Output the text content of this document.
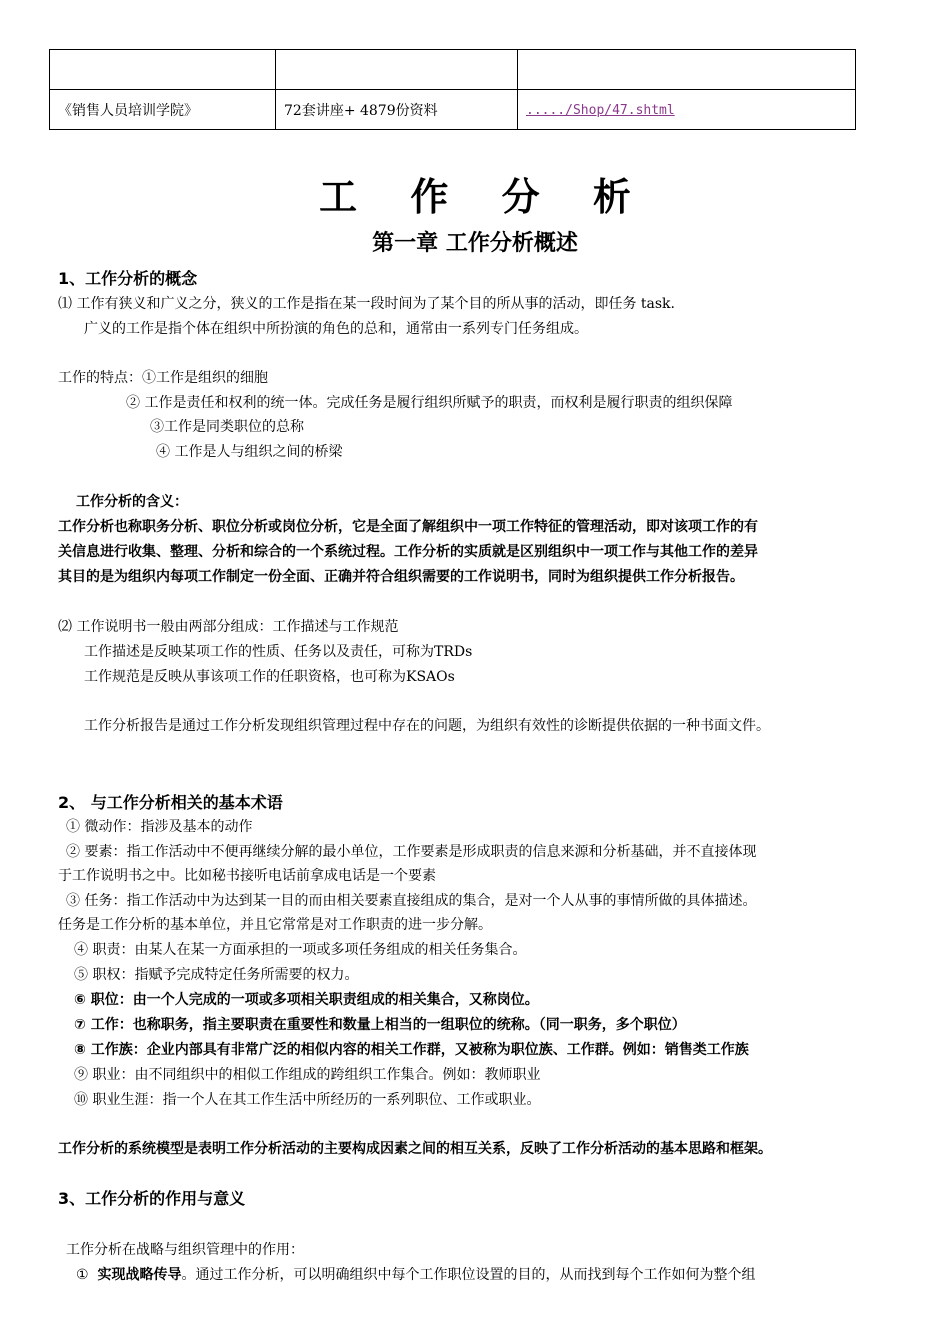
《销售人员培训学院》	72套讲座+ 4879份资料	...../Shop/47.shtml
工 作 分 析
第一章 工作分析概述
1、工作分析的概念
⑴ 工作有狭义和广义之分，狭义的工作是指在某一段时间为了某个目的所从事的活动，即任务 task.
广义的工作是指个体在组织中所扮演的角色的总和，通常由一系列专门任务组成。
工作的特点：①工作是组织的细胞
② 工作是责任和权利的统一体。完成任务是履行组织所赋予的职责，而权利是履行职责的组织保障
③工作是同类职位的总称
④ 工作是人与组织之间的桥梁
工作分析的含义：
工作分析也称职务分析、职位分析或岗位分析，它是全面了解组织中一项工作特征的管理活动，即对该项工作的有
关信息进行收集、整理、分析和综合的一个系统过程。工作分析的实质就是区别组织中一项工作与其他工作的差异
其目的是为组织内每项工作制定一份全面、正确并符合组织需要的工作说明书，同时为组织提供工作分析报告。
⑵ 工作说明书一般由两部分组成：工作描述与工作规范
工作描述是反映某项工作的性质、任务以及责任，可称为TRDs
工作规范是反映从事该项工作的任职资格，也可称为KSAOs
工作分析报告是通过工作分析发现组织管理过程中存在的问题，为组织有效性的诊断提供依据的一种书面文件。
2、 与工作分析相关的基本术语
① 微动作：指涉及基本的动作
② 要素：指工作活动中不便再继续分解的最小单位，工作要素是形成职责的信息来源和分析基础，并不直接体现
于工作说明书之中。比如秘书接听电话前拿成电话是一个要素
③ 任务：指工作活动中为达到某一目的而由相关要素直接组成的集合，是对一个人从事的事情所做的具体描述。
任务是工作分析的基本单位，并且它常常是对工作职责的进一步分解。
④ 职责：由某人在某一方面承担的一项或多项任务组成的相关任务集合。
⑤ 职权：指赋予完成特定任务所需要的权力。
⑥ 职位：由一个人完成的一项或多项相关职责组成的相关集合，又称岗位。
⑦ 工作：也称职务，指主要职责在重要性和数量上相当的一组职位的统称。（同一职务，多个职位）
⑧ 工作族：企业内部具有非常广泛的相似内容的相关工作群，又被称为职位族、工作群。例如：销售类工作族
⑨ 职业：由不同组织中的相似工作组成的跨组织工作集合。例如：教师职业
⑩ 职业生涯：指一个人在其工作生活中所经历的一系列职位、工作或职业。
工作分析的系统模型是表明工作分析活动的主要构成因素之间的相互关系，反映了工作分析活动的基本思路和框架。
3、工作分析的作用与意义
工作分析在战略与组织管理中的作用：
① 实现战略传导。通过工作分析，可以明确组织中每个工作职位设置的目的，从而找到每个工作如何为整个组
